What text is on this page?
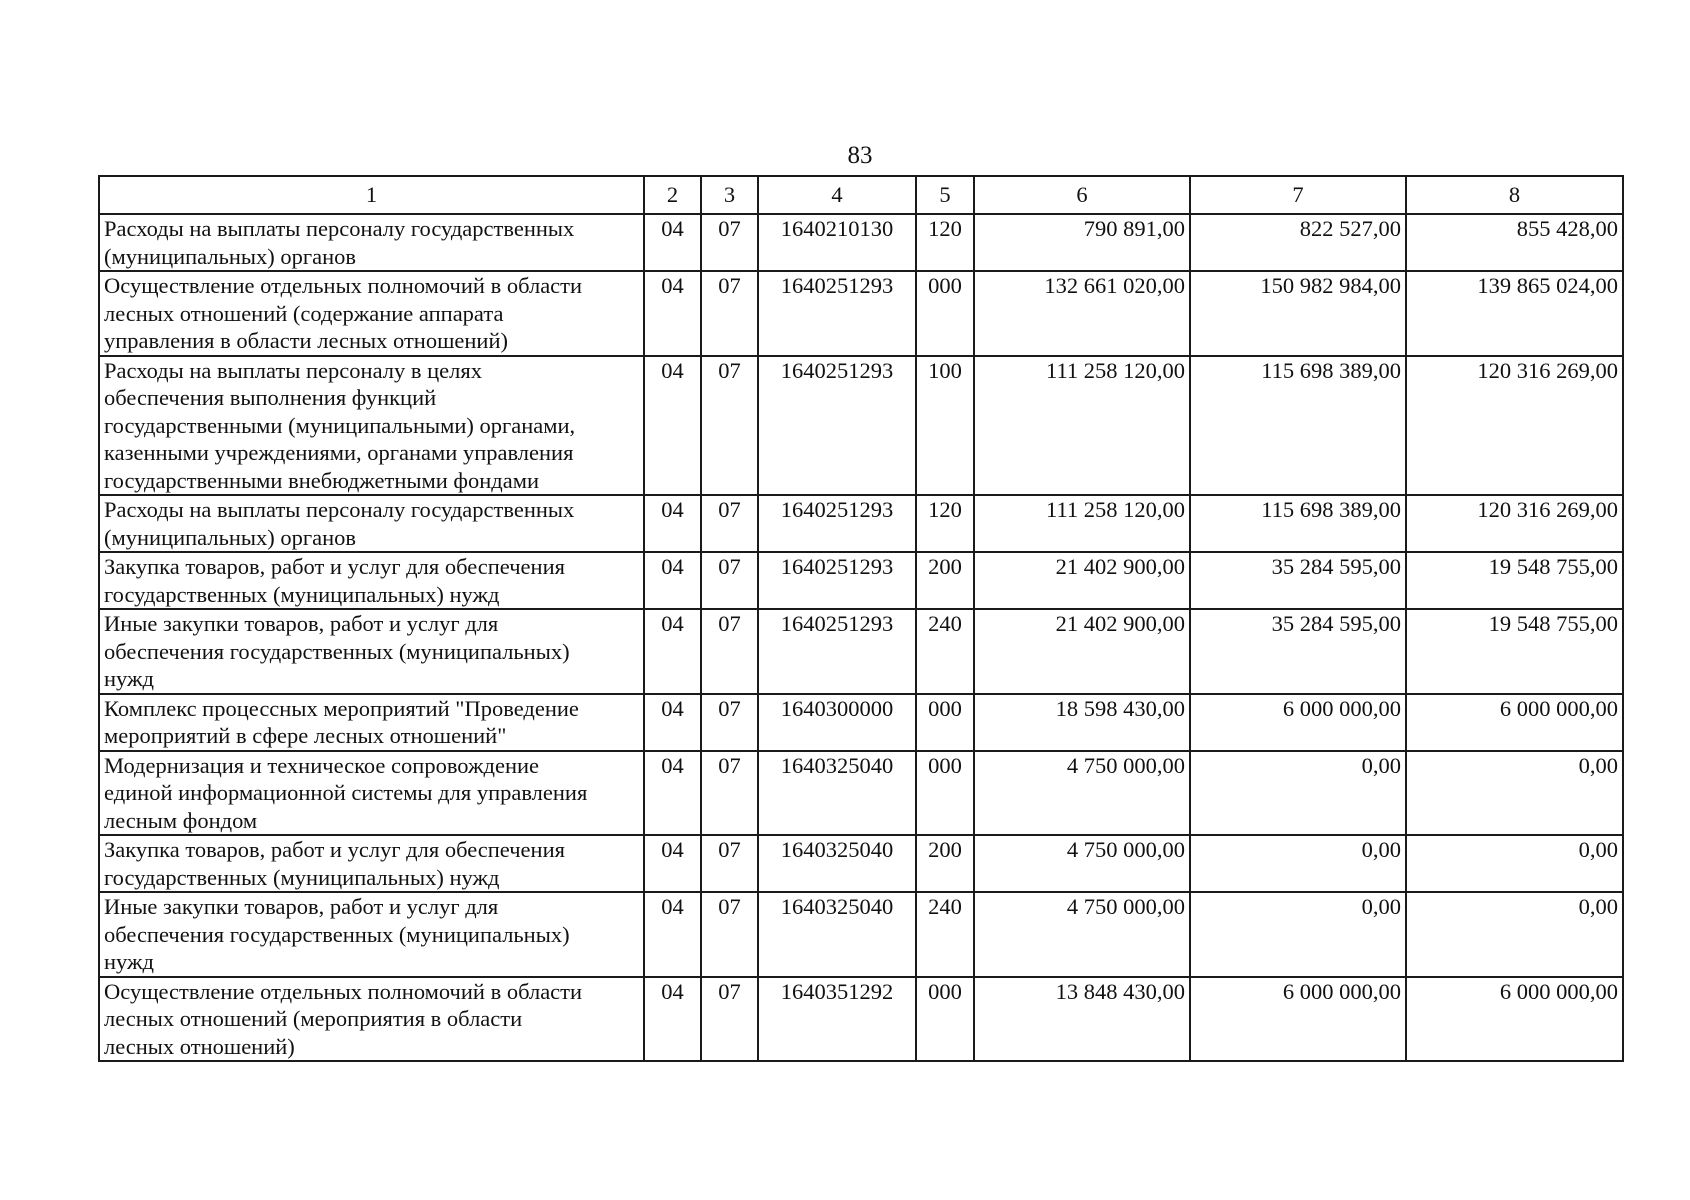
83
1	2	3	4	5	6	7	8

Расходы на выплаты персоналу государственных
(муниципальных) органов	04	07	1640210130	120	790 891,00	822 527,00	855 428,00

Осуществление отдельных полномочий в области
лесных отношений (содержание аппарата
управления в области лесных отношений)	04	07	1640251293	000	132 661 020,00	150 982 984,00	139 865 024,00

Расходы на выплаты персоналу в целях
обеспечения выполнения функций
государственными (муниципальными) органами,
казенными учреждениями, органами управления
государственными внебюджетными фондами	04	07	1640251293	100	111 258 120,00	115 698 389,00	120 316 269,00

Расходы на выплаты персоналу государственных
(муниципальных) органов	04	07	1640251293	120	111 258 120,00	115 698 389,00	120 316 269,00

Закупка товаров, работ и услуг для обеспечения
государственных (муниципальных) нужд	04	07	1640251293	200	21 402 900,00	35 284 595,00	19 548 755,00

Иные закупки товаров, работ и услуг для
обеспечения государственных (муниципальных)
нужд	04	07	1640251293	240	21 402 900,00	35 284 595,00	19 548 755,00

Комплекс процессных мероприятий "Проведение
мероприятий в сфере лесных отношений"	04	07	1640300000	000	18 598 430,00	6 000 000,00	6 000 000,00

Модернизация и техническое сопровождение
единой информационной системы для управления
лесным фондом	04	07	1640325040	000	4 750 000,00	0,00	0,00

Закупка товаров, работ и услуг для обеспечения
государственных (муниципальных) нужд	04	07	1640325040	200	4 750 000,00	0,00	0,00

Иные закупки товаров, работ и услуг для
обеспечения государственных (муниципальных)
нужд	04	07	1640325040	240	4 750 000,00	0,00	0,00

Осуществление отдельных полномочий в области
лесных отношений (мероприятия в области
лесных отношений)	04	07	1640351292	000	13 848 430,00	6 000 000,00	6 000 000,00
